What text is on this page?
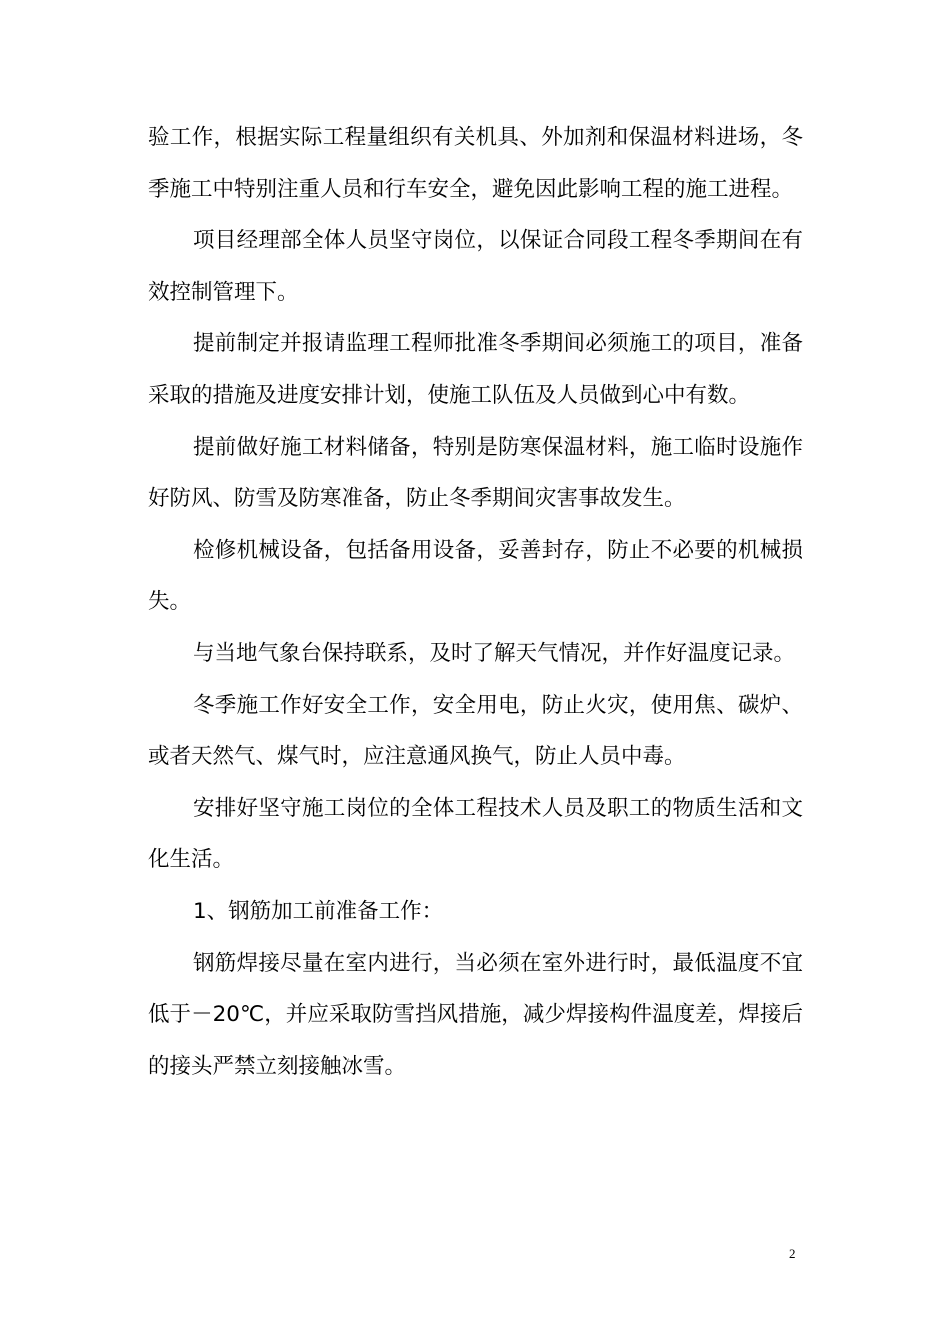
验工作，根据实际工程量组织有关机具、外加剂和保温材料进场，冬季施工中特别注重人员和行车安全，避免因此影响工程的施工进程。

项目经理部全体人员坚守岗位，以保证合同段工程冬季期间在有效控制管理下。

提前制定并报请监理工程师批准冬季期间必须施工的项目，准备采取的措施及进度安排计划，使施工队伍及人员做到心中有数。

提前做好施工材料储备，特别是防寒保温材料，施工临时设施作好防风、防雪及防寒准备，防止冬季期间灾害事故发生。

检修机械设备，包括备用设备，妥善封存，防止不必要的机械损失。

与当地气象台保持联系，及时了解天气情况，并作好温度记录。

冬季施工作好安全工作，安全用电，防止火灾，使用焦、碳炉、或者天然气、煤气时，应注意通风换气，防止人员中毒。

安排好坚守施工岗位的全体工程技术人员及职工的物质生活和文化生活。

1、钢筋加工前准备工作：

钢筋焊接尽量在室内进行，当必须在室外进行时，最低温度不宜低于－20℃，并应采取防雪挡风措施，减少焊接构件温度差，焊接后的接头严禁立刻接触冰雪。

2
